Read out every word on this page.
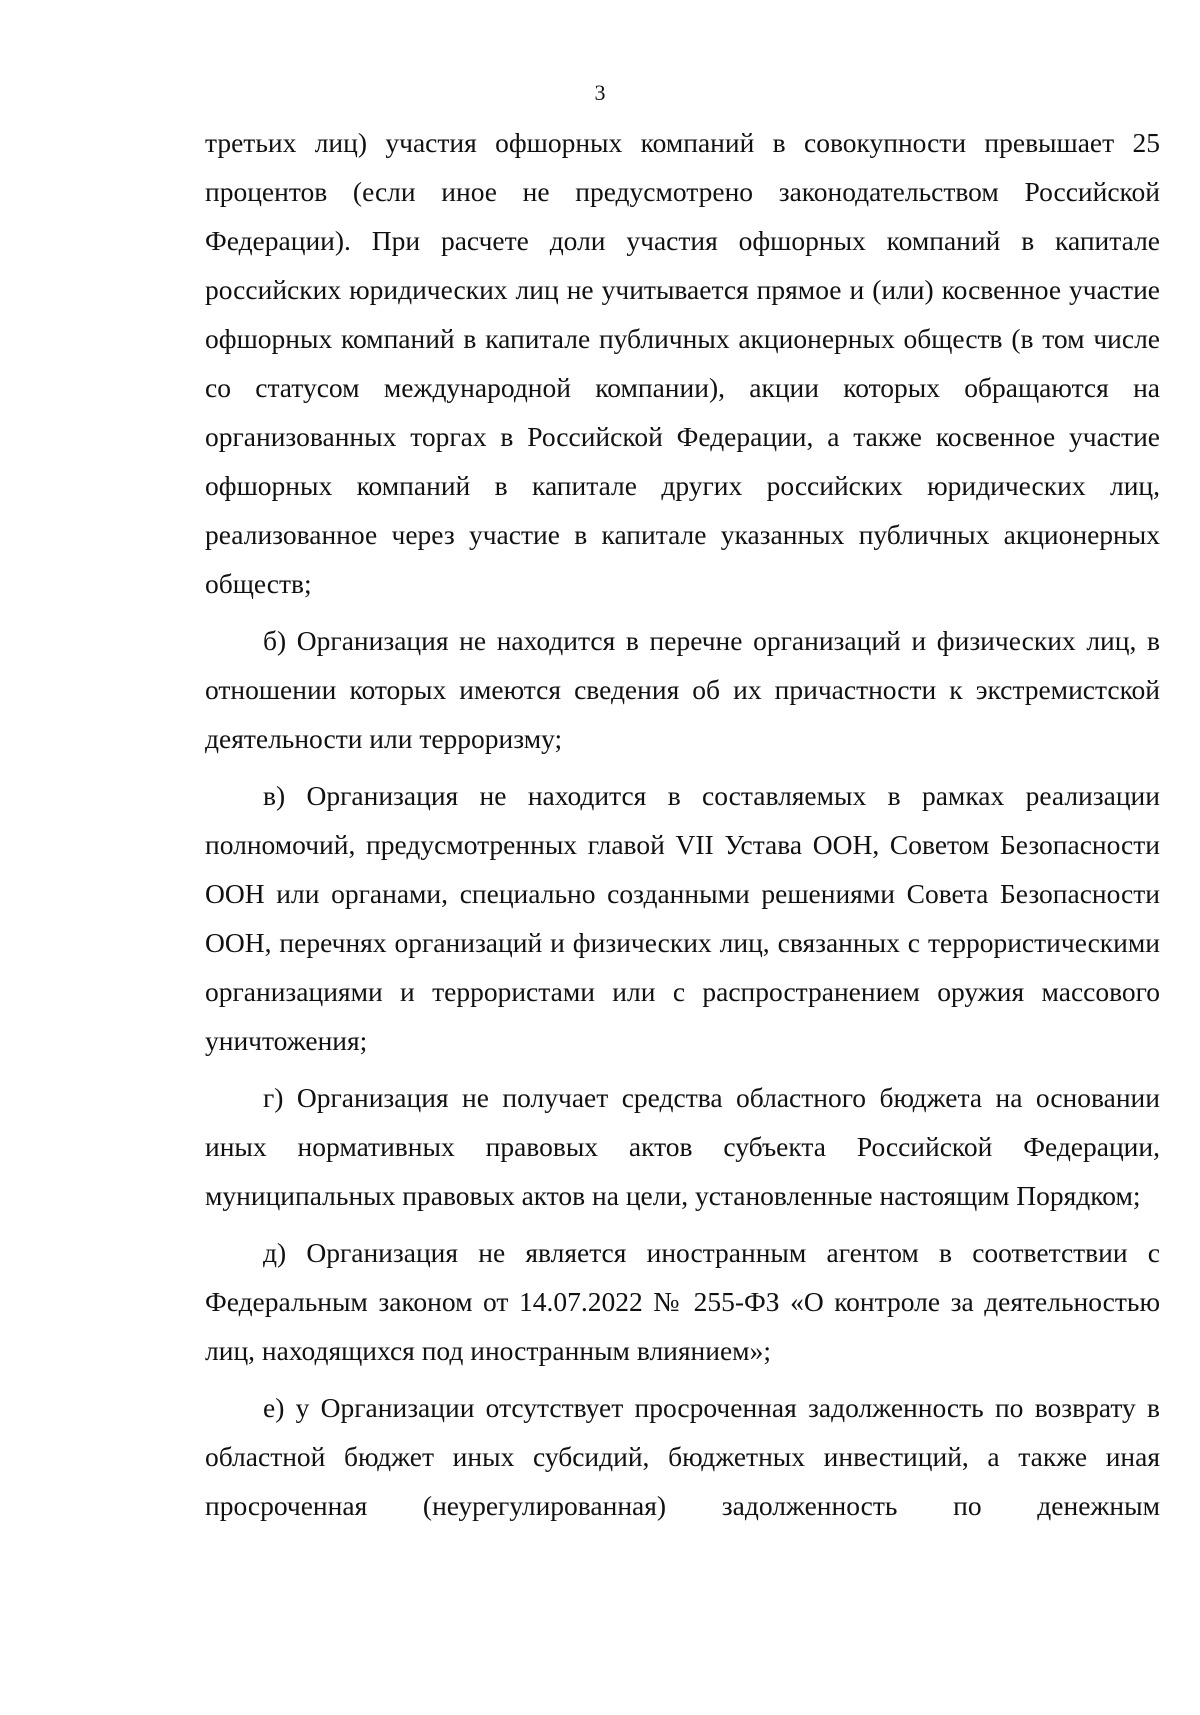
3

третьих лиц) участия офшорных компаний в совокупности превышает 25 процентов (если иное не предусмотрено законодательством Российской Федерации). При расчете доли участия офшорных компаний в капитале российских юридических лиц не учитывается прямое и (или) косвенное участие офшорных компаний в капитале публичных акционерных обществ (в том числе со статусом международной компании), акции которых обращаются на организованных торгах в Российской Федерации, а также косвенное участие офшорных компаний в капитале других российских юридических лиц, реализованное через участие в капитале указанных публичных акционерных обществ;

б) Организация не находится в перечне организаций и физических лиц, в отношении которых имеются сведения об их причастности к экстремистской деятельности или терроризму;

в) Организация не находится в составляемых в рамках реализации полномочий, предусмотренных главой VII Устава ООН, Советом Безопасности ООН или органами, специально созданными решениями Совета Безопасности ООН, перечнях организаций и физических лиц, связанных с террористическими организациями и террористами или с распространением оружия массового уничтожения;

г) Организация не получает средства областного бюджета на основании иных нормативных правовых актов субъекта Российской Федерации, муниципальных правовых актов на цели, установленные настоящим Порядком;

д) Организация не является иностранным агентом в соответствии с Федеральным законом от 14.07.2022 № 255-ФЗ «О контроле за деятельностью лиц, находящихся под иностранным влиянием»;

е) у Организации отсутствует просроченная задолженность по возврату в областной бюджет иных субсидий, бюджетных инвестиций, а также иная просроченная (неурегулированная) задолженность по денежным
